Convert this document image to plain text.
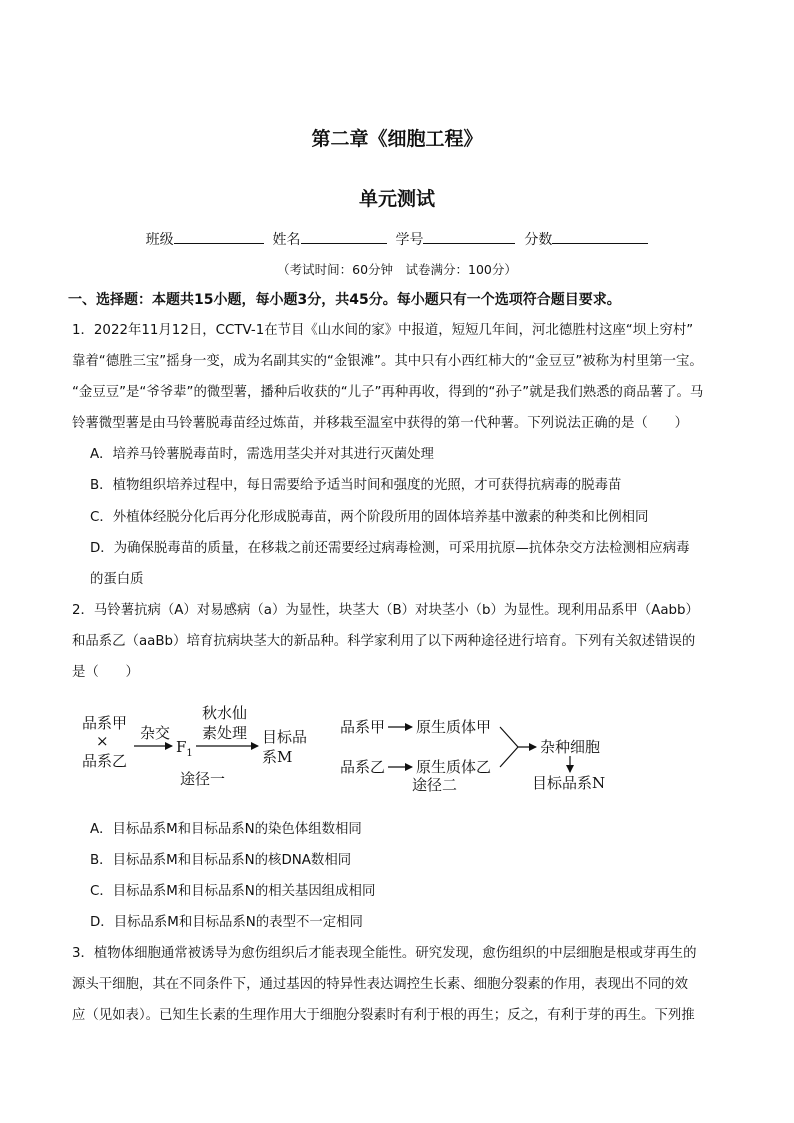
第二章《细胞工程》
单元测试
班级	姓名	学号	分数
（考试时间：60分钟　试卷满分：100分）
一、选择题：本题共15小题，每小题3分，共45分。每小题只有一个选项符合题目要求。
1．2022年11月12日，CCTV-1在节目《山水间的家》中报道，短短几年间，河北德胜村这座“坝上穷村”
靠着“德胜三宝”摇身一变，成为名副其实的“金银滩”。其中只有小西红柿大的“金豆豆”被称为村里第一宝。
“金豆豆”是“爷爷辈”的微型薯，播种后收获的“儿子”再种再收，得到的“孙子”就是我们熟悉的商品薯了。马
铃薯微型薯是由马铃薯脱毒苗经过炼苗，并移栽至温室中获得的第一代种薯。下列说法正确的是（　　）
A．培养马铃薯脱毒苗时，需选用茎尖并对其进行灭菌处理
B．植物组织培养过程中，每日需要给予适当时间和强度的光照，才可获得抗病毒的脱毒苗
C．外植体经脱分化后再分化形成脱毒苗，两个阶段所用的固体培养基中激素的种类和比例相同
D．为确保脱毒苗的质量，在移栽之前还需要经过病毒检测，可采用抗原—抗体杂交方法检测相应病毒
的蛋白质
2．马铃薯抗病（A）对易感病（a）为显性，块茎大（B）对块茎小（b）为显性。现利用品系甲（Aabb）
和品系乙（aaBb）培育抗病块茎大的新品种。科学家利用了以下两种途径进行培育。下列有关叙述错误的
是（　　）
品系甲
×
品系乙
杂交
$F_1$
秋水仙
素处理 目标品
系M
途径一
品系甲 原生质体甲
品系乙 原生质体乙
杂种细胞
目标品系N
途径二
A．目标品系M和目标品系N的染色体组数相同
B．目标品系M和目标品系N的核DNA数相同
C．目标品系M和目标品系N的相关基因组成相同
D．目标品系M和目标品系N的表型不一定相同
3．植物体细胞通常被诱导为愈伤组织后才能表现全能性。研究发现，愈伤组织的中层细胞是根或芽再生的
源头干细胞，其在不同条件下，通过基因的特异性表达调控生长素、细胞分裂素的作用，表现出不同的效
应（见如表）。已知生长素的生理作用大于细胞分裂素时有利于根的再生；反之，有利于芽的再生。下列推
